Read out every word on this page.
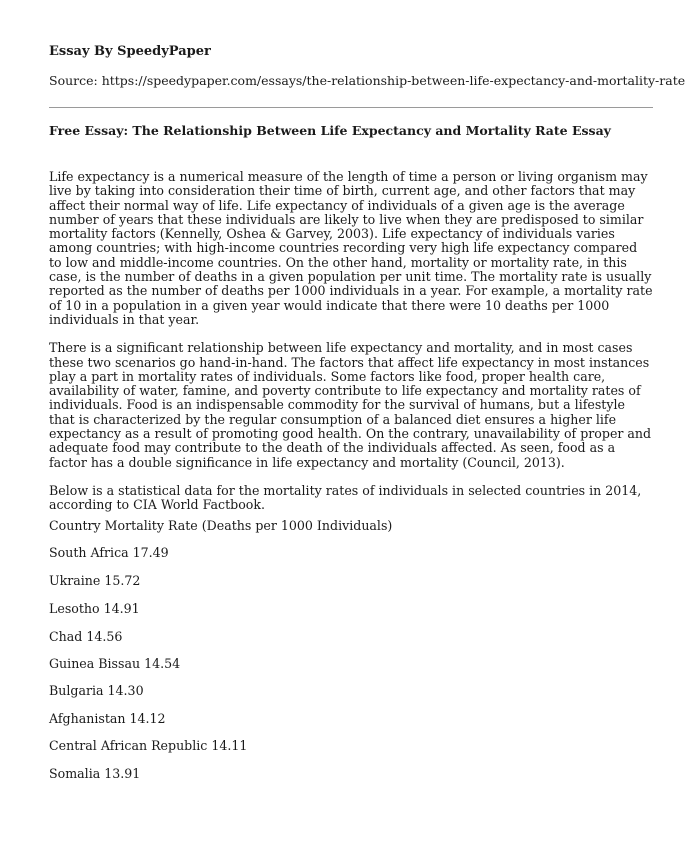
Essay By SpeedyPaper
Source: https://speedypaper.com/essays/the-relationship-between-life-expectancy-and-mortality-rate
Free Essay: The Relationship Between Life Expectancy and Mortality Rate Essay

Life expectancy is a numerical measure of the length of time a person or living organism may live by taking into consideration their time of birth, current age, and other factors that may affect their normal way of life. Life expectancy of individuals of a given age is the average number of years that these individuals are likely to live when they are predisposed to similar mortality factors (Kennelly, Oshea & Garvey, 2003). Life expectancy of individuals varies among countries; with high-income countries recording very high life expectancy compared to low and middle-income countries. On the other hand, mortality or mortality rate, in this case, is the number of deaths in a given population per unit time. The mortality rate is usually reported as the number of deaths per 1000 individuals in a year. For example, a mortality rate of 10 in a population in a given year would indicate that there were 10 deaths per 1000 individuals in that year.

There is a significant relationship between life expectancy and mortality, and in most cases these two scenarios go hand-in-hand. The factors that affect life expectancy in most instances play a part in mortality rates of individuals. Some factors like food, proper health care, availability of water, famine, and poverty contribute to life expectancy and mortality rates of individuals. Food is an indispensable commodity for the survival of humans, but a lifestyle that is characterized by the regular consumption of a balanced diet ensures a higher life expectancy as a result of promoting good health. On the contrary, unavailability of proper and adequate food may contribute to the death of the individuals affected. As seen, food as a factor has a double significance in life expectancy and mortality (Council, 2013).

Below is a statistical data for the mortality rates of individuals in selected countries in 2014, according to CIA World Factbook.

Country Mortality Rate (Deaths per 1000 Individuals)
South Africa 17.49
Ukraine 15.72
Lesotho 14.91
Chad 14.56
Guinea Bissau 14.54
Bulgaria 14.30
Afghanistan 14.12
Central African Republic 14.11
Somalia 13.91
